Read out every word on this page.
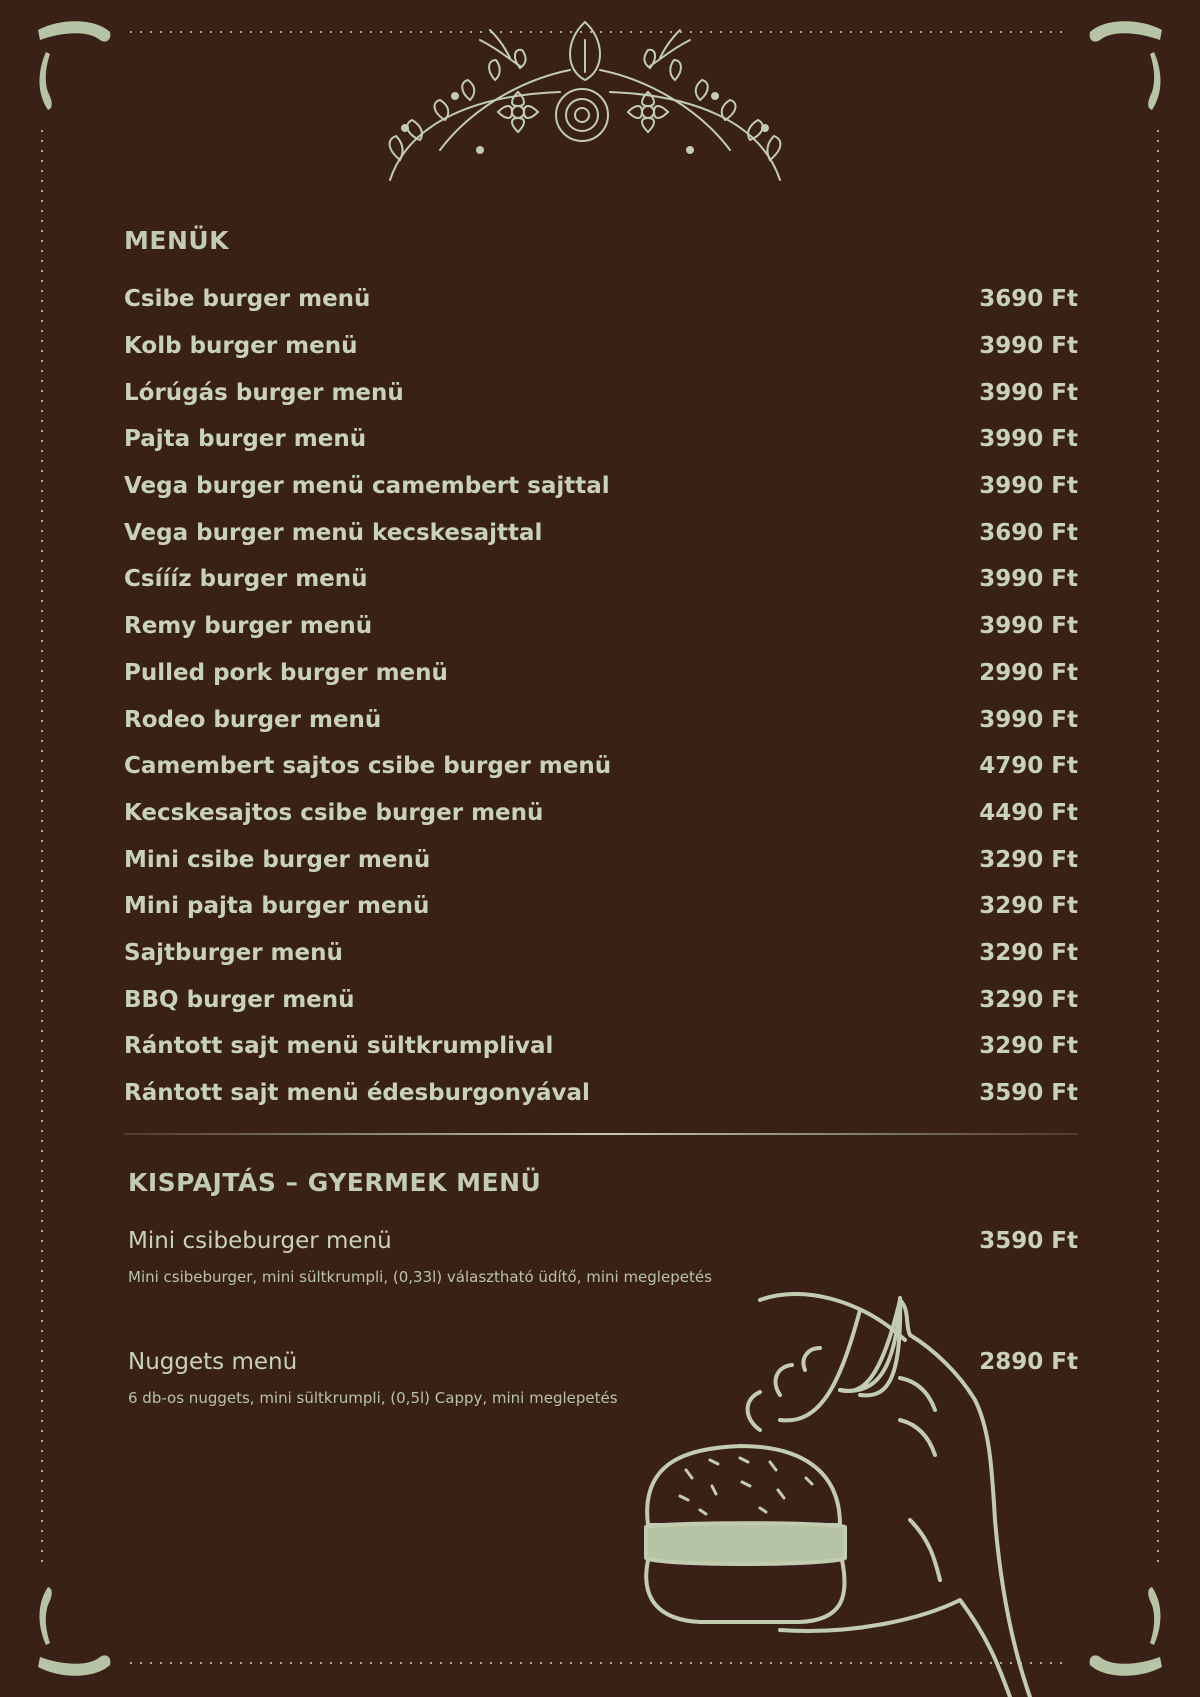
MENÜK
Csibe burger menü	3690 Ft
Kolb burger menü	3990 Ft
Lórúgás burger menü	3990 Ft
Pajta burger menü	3990 Ft
Vega burger menü camembert sajttal	3990 Ft
Vega burger menü kecskesajttal	3690 Ft
Csíííz burger menü	3990 Ft
Remy burger menü	3990 Ft
Pulled pork burger menü	2990 Ft
Rodeo burger menü	3990 Ft
Camembert sajtos csibe burger menü	4790 Ft
Kecskesajtos csibe burger menü	4490 Ft
Mini csibe burger menü	3290 Ft
Mini pajta burger menü	3290 Ft
Sajtburger menü	3290 Ft
BBQ burger menü	3290 Ft
Rántott sajt menü sültkrumplival	3290 Ft
Rántott sajt menü édesburgonyával	3590 Ft
KISPAJTÁS – GYERMEK MENÜ
Mini csibeburger menü	3590 Ft
Mini csibeburger, mini sültkrumpli, (0,33l) választható üdítő, mini meglepetés
Nuggets menü	2890 Ft
6 db-os nuggets, mini sültkrumpli, (0,5l) Cappy, mini meglepetés
